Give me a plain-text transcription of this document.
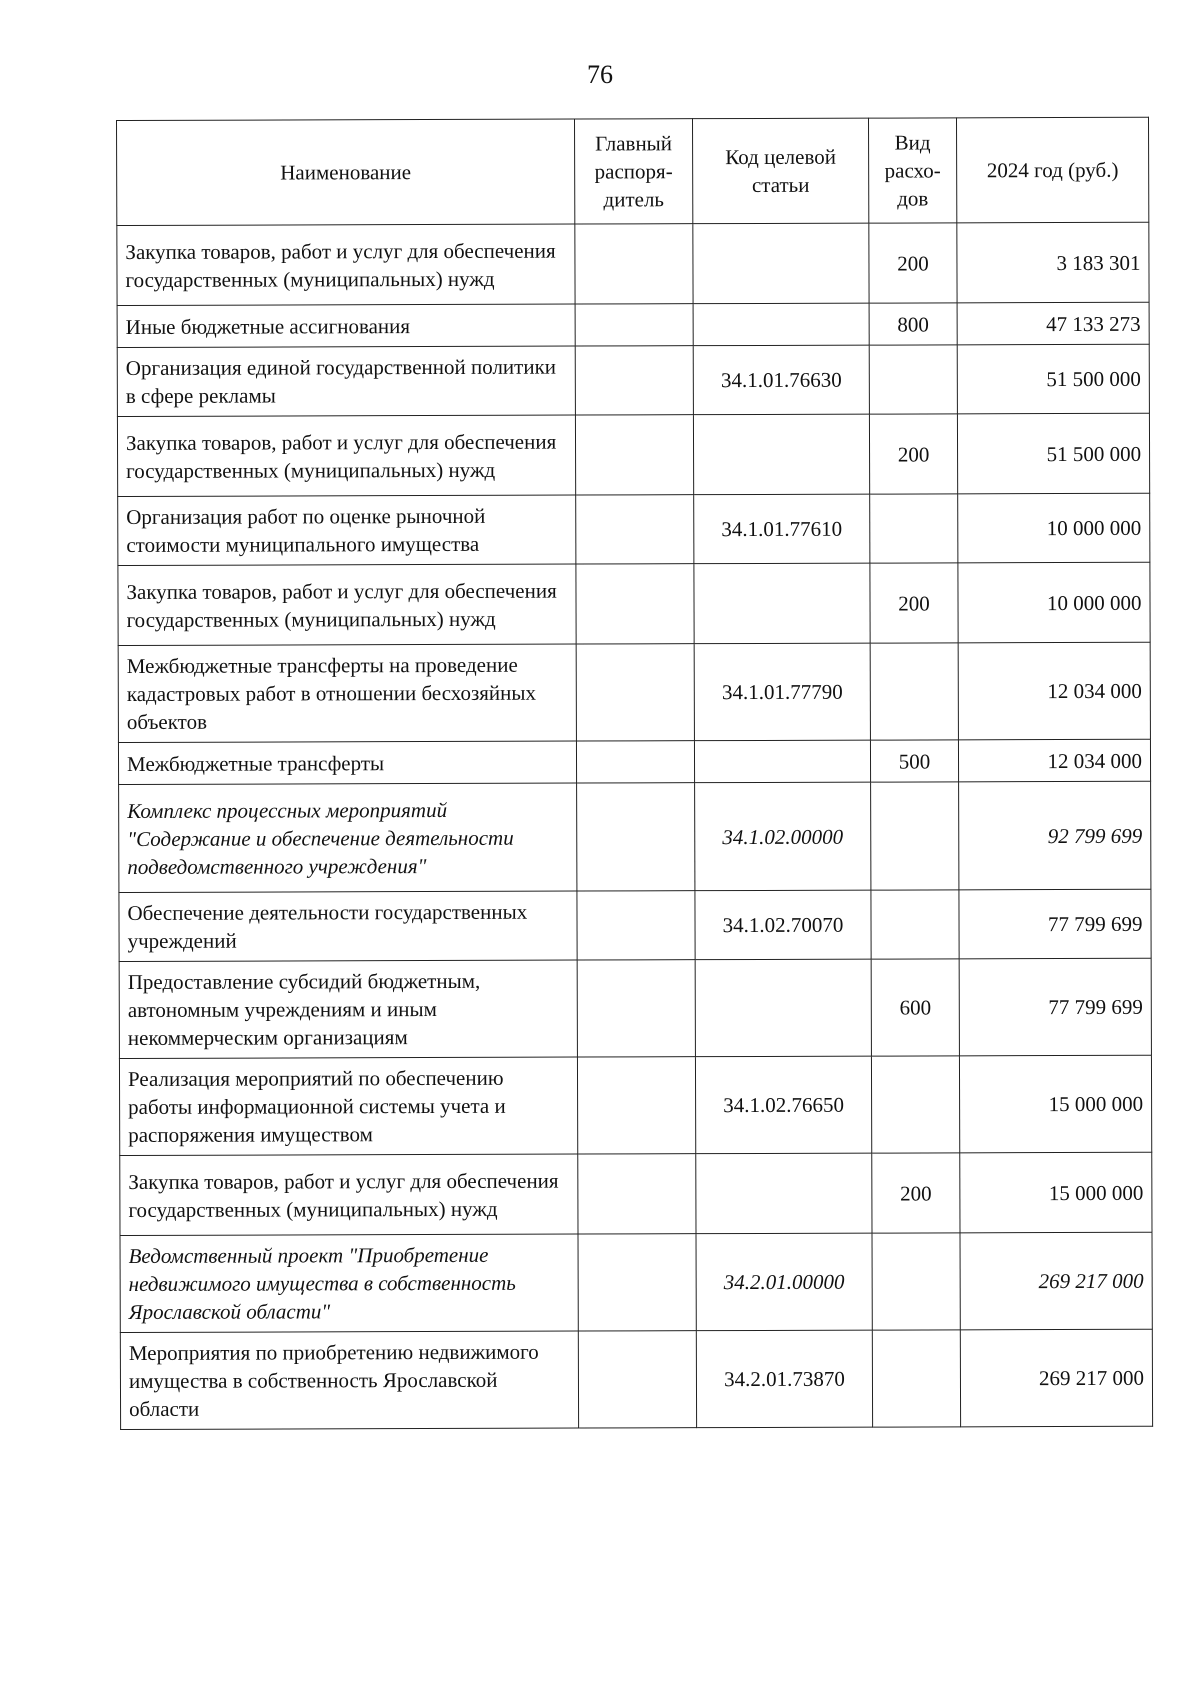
76
Наименование	Главный распоря-дитель	Код целевой статьи	Вид расхо-дов	2024 год (руб.)
Закупка товаров, работ и услуг для обеспечения государственных (муниципальных) нужд			200	3 183 301
Иные бюджетные ассигнования			800	47 133 273
Организация единой государственной политики в сфере рекламы		34.1.01.76630		51 500 000
Закупка товаров, работ и услуг для обеспечения государственных (муниципальных) нужд			200	51 500 000
Организация работ по оценке рыночной стоимости муниципального имущества		34.1.01.77610		10 000 000
Закупка товаров, работ и услуг для обеспечения государственных (муниципальных) нужд			200	10 000 000
Межбюджетные трансферты на проведение кадастровых работ в отношении бесхозяйных объектов		34.1.01.77790		12 034 000
Межбюджетные трансферты			500	12 034 000
Комплекс процессных мероприятий "Содержание и обеспечение деятельности подведомственного учреждения"		34.1.02.00000		92 799 699
Обеспечение деятельности государственных учреждений		34.1.02.70070		77 799 699
Предоставление субсидий бюджетным, автономным учреждениям и иным некоммерческим организациям			600	77 799 699
Реализация мероприятий по обеспечению работы информационной системы учета и распоряжения имуществом		34.1.02.76650		15 000 000
Закупка товаров, работ и услуг для обеспечения государственных (муниципальных) нужд			200	15 000 000
Ведомственный проект "Приобретение недвижимого имущества в собственность Ярославской области"		34.2.01.00000		269 217 000
Мероприятия по приобретению недвижимого имущества в собственность Ярославской области		34.2.01.73870		269 217 000
